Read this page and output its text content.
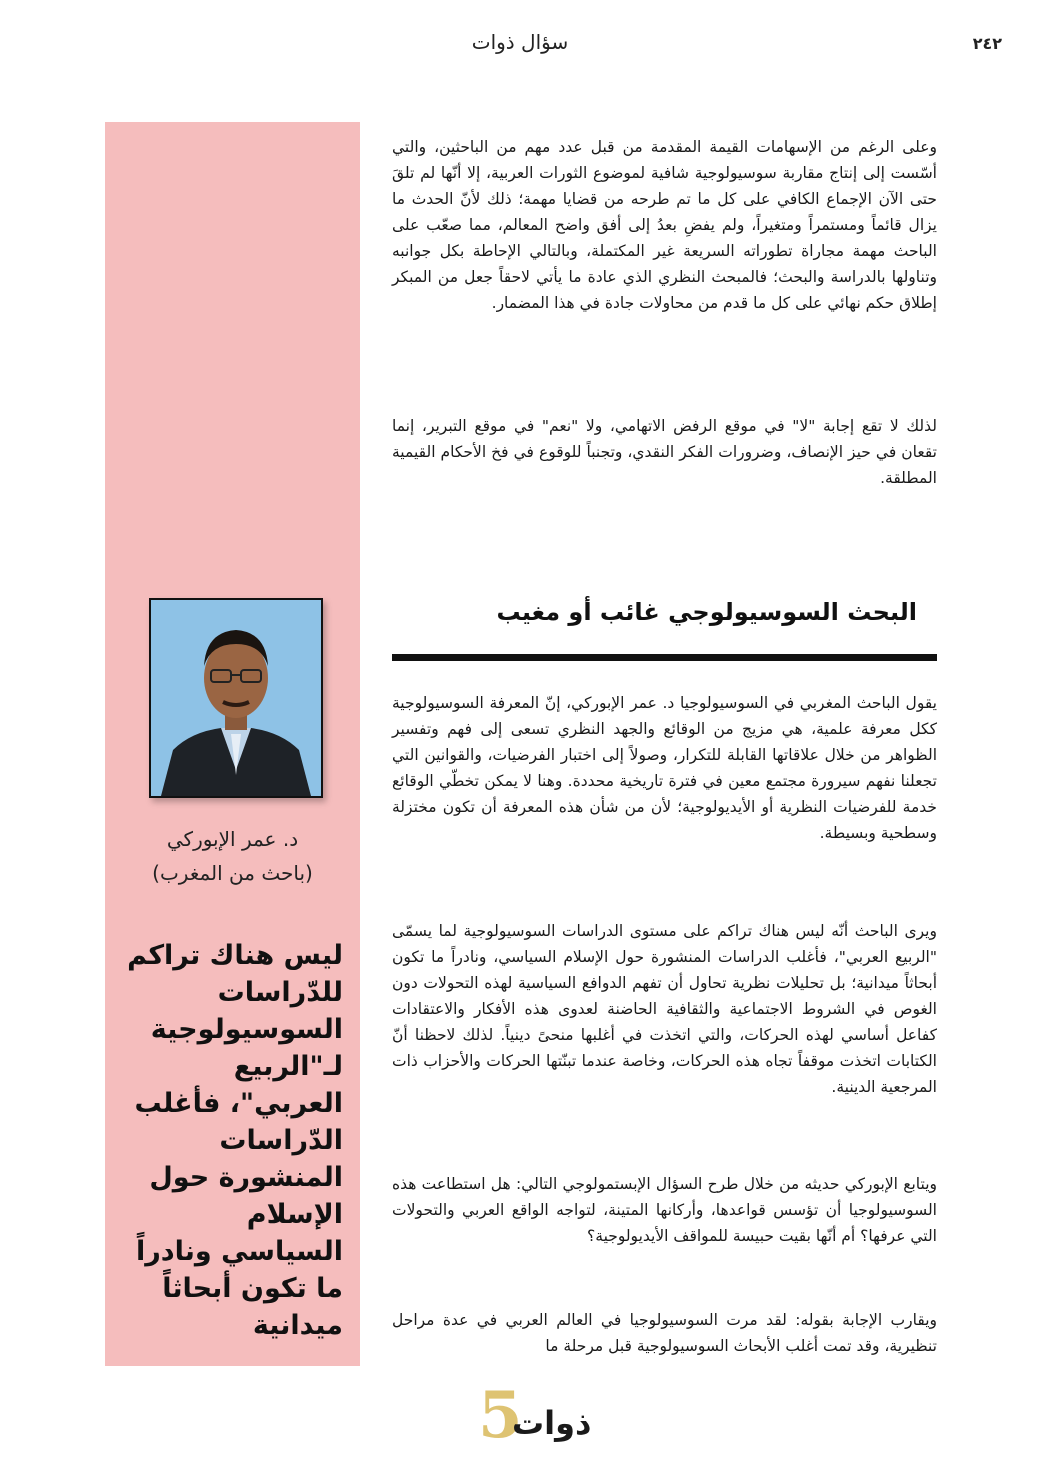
سؤال ذوات	٢٤٢
د. عمر الإبوركي
(باحث من المغرب)
ليس هناك تراكم للدّراسات السوسيولوجية لـ"الربيع العربي"، فأغلب الدّراسات المنشورة حول الإسلام السياسي ونادراً ما تكون أبحاثاً ميدانية

وعلى الرغم من الإسهامات القيمة المقدمة من قبل عدد مهم من الباحثين، والتي أسّست إلى إنتاج مقاربة سوسيولوجية شافية لموضوع الثورات العربية، إلا أنّها لم تلقَ حتى الآن الإجماع الكافي على كل ما تم طرحه من قضايا مهمة؛ ذلك لأنّ الحدث ما يزال قائماً ومستمراً ومتغيراً، ولم يفضِ بعدُ إلى أفق واضح المعالم، مما صعّب على الباحث مهمة مجاراة تطوراته السريعة غير المكتملة، وبالتالي الإحاطة بكل جوانبه وتناولها بالدراسة والبحث؛ فالمبحث النظري الذي عادة ما يأتي لاحقاً جعل من المبكر إطلاق حكم نهائي على كل ما قدم من محاولات جادة في هذا المضمار.

لذلك لا تقع إجابة "لا" في موقع الرفض الاتهامي، ولا "نعم" في موقع التبرير، إنما تقعان في حيز الإنصاف، وضرورات الفكر النقدي، وتجنباً للوقوع في فخ الأحكام القيمية المطلقة.

البحث السوسيولوجي غائب أو مغيب

يقول الباحث المغربي في السوسيولوجيا د. عمر الإبوركي، إنّ المعرفة السوسيولوجية ككل معرفة علمية، هي مزيج من الوقائع والجهد النظري تسعى إلى فهم وتفسير الظواهر من خلال علاقاتها القابلة للتكرار، وصولاً إلى اختبار الفرضيات، والقوانين التي تجعلنا نفهم سيرورة مجتمع معين في فترة تاريخية محددة. وهنا لا يمكن تخطّي الوقائع خدمة للفرضيات النظرية أو الأيديولوجية؛ لأن من شأن هذه المعرفة أن تكون مختزلة وسطحية وبسيطة.

ويرى الباحث أنّه ليس هناك تراكم على مستوى الدراسات السوسيولوجية لما يسمّى "الربيع العربي"، فأغلب الدراسات المنشورة حول الإسلام السياسي، ونادراً ما تكون أبحاثاً ميدانية؛ بل تحليلات نظرية تحاول أن تفهم الدوافع السياسية لهذه التحولات دون الغوص في الشروط الاجتماعية والثقافية الحاضنة لعدوى هذه الأفكار والاعتقادات كفاعل أساسي لهذه الحركات، والتي اتخذت في أغلبها منحىً دينياً. لذلك لاحظنا أنّ الكتابات اتخذت موقفاً تجاه هذه الحركات، وخاصة عندما تبنّتها الحركات والأحزاب ذات المرجعية الدينية.

ويتابع الإبوركي حديثه من خلال طرح السؤال الإبستمولوجي التالي: هل استطاعت هذه السوسيولوجيا أن تؤسس قواعدها، وأركانها المتينة، لتواجه الواقع العربي والتحولات التي عرفها؟ أم أنّها بقيت حبيسة للمواقف الأيديولوجية؟

ويقارب الإجابة بقوله: لقد مرت السوسيولوجيا في العالم العربي في عدة مراحل تنظيرية، وقد تمت أغلب الأبحاث السوسيولوجية قبل مرحلة ما

5
ذوات
